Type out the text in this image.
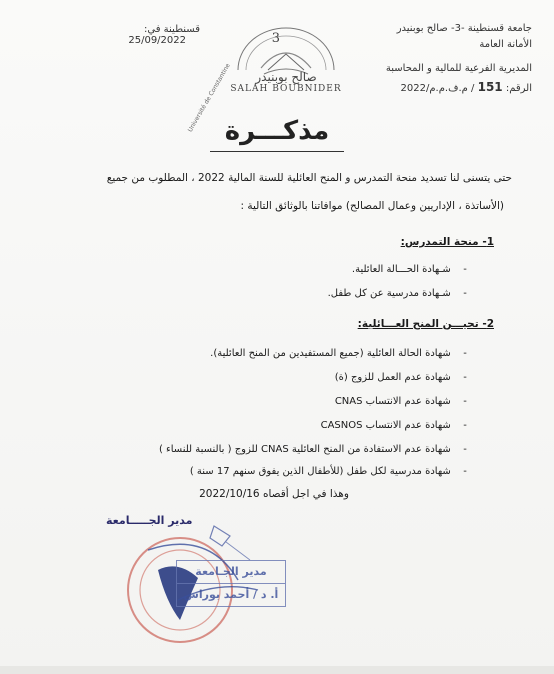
جامعة قسنطينة -3- صالح بوبنيدر
الأمانة العامة
المديرية الفرعية للمالية و المحاسبة
الرقم: 151 / م.ف.م.م/2022
قسنطينة في: 25/09/2022	3
Université de Constantine	صالح بوبنيدر
SALAH BOUBNIDER
مذكـــرة
حتى يتسنى لنا تسديد منحة التمدرس و المنح العائلية للسنة المالية 2022 ، المطلوب من جميع
(الأساتذة ، الإداريين وعمال المصالح) موافاتنا بالوثائق التالية :
1- منحة التمدرس:
- شـهادة الحـــالة العائلية.
- شـهادة مدرسية عن كل طفل.
2- تحيـــن المنح العـــائلية:
- شهادة الحالة العائلية (جميع المستفيدين من المنح العائلية).
- شهادة عدم العمل للزوج (ة)
- شهادة عدم الانتساب CNAS
- شهادة عدم الانتساب CASNOS
- شهادة عدم الاستفادة من المنح العائلية CNAS للزوج ( بالنسبة للنساء )
- شهادة مدرسية لكل طفل (للأطفال الذين يفوق سنهم 17 سنة )
وهذا في اجل أقصاه 2022/10/16
مدير الجـــــامعة
مدير الجـامعة
أ. د / أحمد بوراس
